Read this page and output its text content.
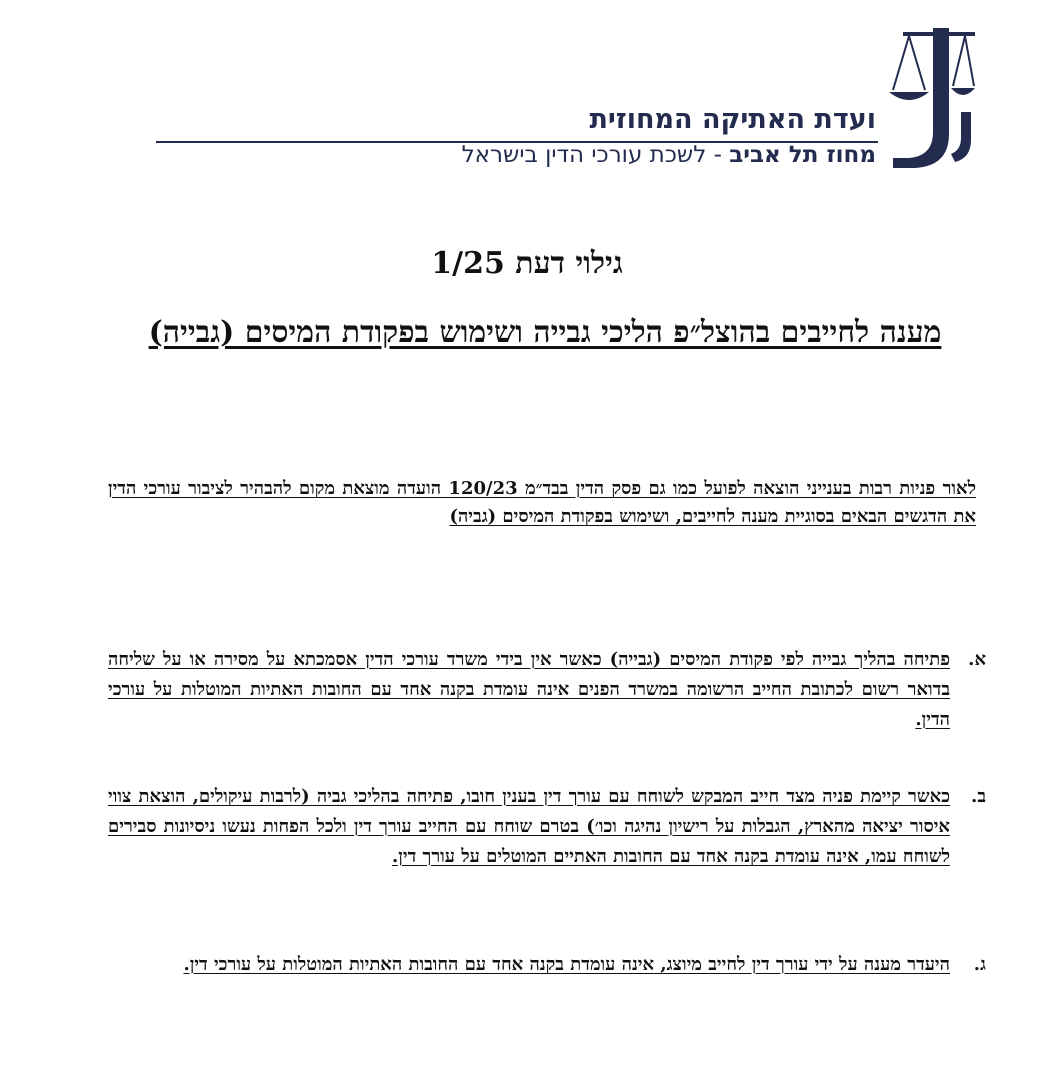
ועדת האתיקה המחוזית
מחוז תל אביב - לשכת עורכי הדין בישראל
גילוי דעת 1/25
מענה לחייבים בהוצל״פ הליכי גבייה ושימוש בפקודת המיסים (גבייה)
לאור פניות רבות בענייני הוצאה לפועל כמו גם פסק הדין בבד״מ 120/23 הועדה מוצאת מקום להבהיר לציבור עורכי הדין את הדגשים הבאים בסוגיית מענה לחייבים, ושימוש בפקודת המיסים (גביה)
א.
פתיחה בהליך גבייה לפי פקודת המיסים (גבייה) כאשר אין בידי משרד עורכי הדין אסמכתא על מסירה או על שליחה בדואר רשום לכתובת החייב הרשומה במשרד הפנים אינה עומדת בקנה אחד עם החובות האתיות המוטלות על עורכי הדין.
ב.
כאשר קיימת פניה מצד חייב המבקש לשוחח עם עורך דין בענין חובו, פתיחה בהליכי גביה (לרבות עיקולים, הוצאת צווי איסור יציאה מהארץ, הגבלות על רישיון נהיגה וכו׳) בטרם שוחח עם החייב עורך דין ולכל הפחות נעשו ניסיונות סבירים לשוחח עמו, אינה עומדת בקנה אחד עם החובות האתיים המוטלים על עורך דין.
ג.
היעדר מענה על ידי עורך דין לחייב מיוצג, אינה עומדת בקנה אחד עם החובות האתיות המוטלות על עורכי דין.
